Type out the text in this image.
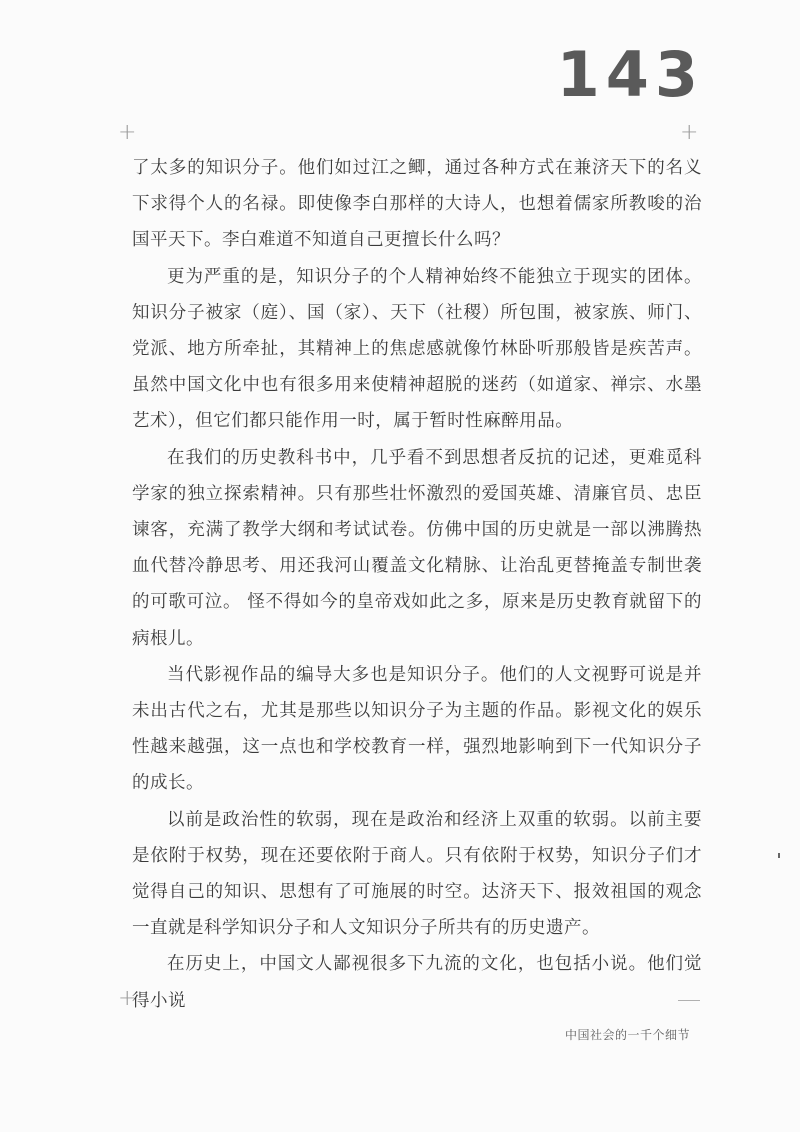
143
+	+
+

了太多的知识分子。他们如过江之鲫，通过各种方式在兼济天下的名义下求得个人的名禄。即使像李白那样的大诗人，也想着儒家所教唆的治国平天下。李白难道不知道自己更擅长什么吗？

更为严重的是，知识分子的个人精神始终不能独立于现实的团体。知识分子被家（庭）、国（家）、天下（社稷）所包围，被家族、师门、党派、地方所牵扯，其精神上的焦虑感就像竹林卧听那般皆是疾苦声。虽然中国文化中也有很多用来使精神超脱的迷药（如道家、禅宗、水墨艺术），但它们都只能作用一时，属于暂时性麻醉用品。

在我们的历史教科书中，几乎看不到思想者反抗的记述，更难觅科学家的独立探索精神。只有那些壮怀激烈的爱国英雄、清廉官员、忠臣谏客，充满了教学大纲和考试试卷。仿佛中国的历史就是一部以沸腾热血代替冷静思考、用还我河山覆盖文化精脉、让治乱更替掩盖专制世袭的可歌可泣。 怪不得如今的皇帝戏如此之多，原来是历史教育就留下的病根儿。

当代影视作品的编导大多也是知识分子。他们的人文视野可说是并未出古代之右，尤其是那些以知识分子为主题的作品。影视文化的娱乐性越来越强，这一点也和学校教育一样，强烈地影响到下一代知识分子的成长。

以前是政治性的软弱，现在是政治和经济上双重的软弱。以前主要是依附于权势，现在还要依附于商人。只有依附于权势，知识分子们才觉得自己的知识、思想有了可施展的时空。达济天下、报效祖国的观念一直就是科学知识分子和人文知识分子所共有的历史遗产。

在历史上，中国文人鄙视很多下九流的文化，也包括小说。他们觉得小说

中国社会的一千个细节
